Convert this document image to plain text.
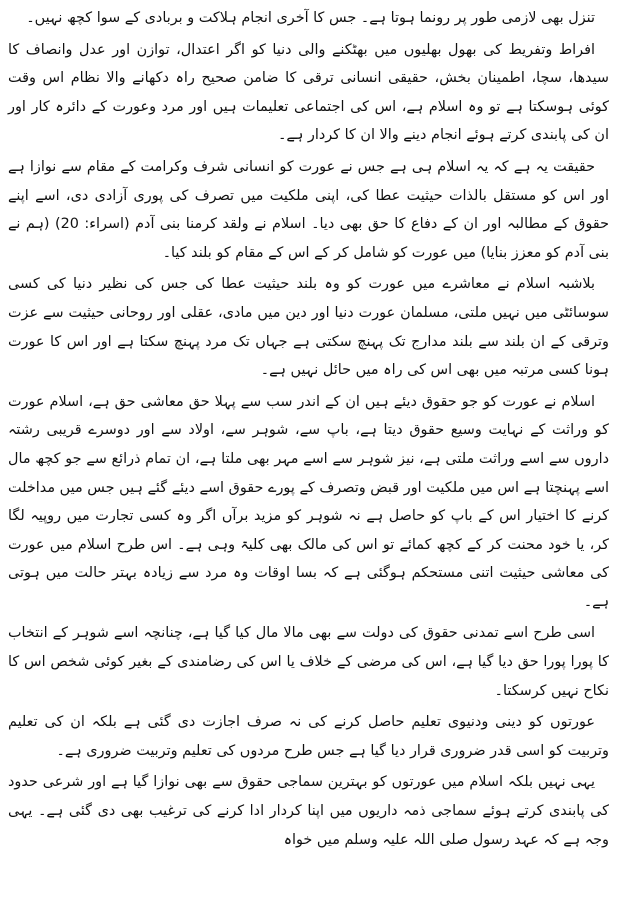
تنزل بھی لازمی طور پر رونما ہوتا ہے۔ جس کا آخری انجام ہلاکت و بربادی کے سوا کچھ نہیں۔

افراط وتفریط کی بھول بھلیوں میں بھٹکنے والی دنیا کو اگر اعتدال، توازن اور عدل وانصاف کا سیدھا، سچا، اطمینان بخش، حقیقی انسانی ترقی کا ضامن صحیح راہ دکھانے والا نظام اس وقت کوئی ہوسکتا ہے تو وہ اسلام ہے، اس کی اجتماعی تعلیمات ہیں اور مرد وعورت کے دائرہ کار اور ان کی پابندی کرتے ہوئے انجام دینے والا ان کا کردار ہے۔

حقیقت یہ ہے کہ یہ اسلام ہی ہے جس نے عورت کو انسانی شرف وکرامت کے مقام سے نوازا ہے اور اس کو مستقل بالذات حیثیت عطا کی، اپنی ملکیت میں تصرف کی پوری آزادی دی، اسے اپنے حقوق کے مطالبہ اور ان کے دفاع کا حق بھی دیا۔ اسلام نے ولقد کرمنا بنی آدم (اسراء: 20) (ہم نے بنی آدم کو معزز بنایا) میں عورت کو شامل کر کے اس کے مقام کو بلند کیا۔

بلاشبہ اسلام نے معاشرے میں عورت کو وہ بلند حیثیت عطا کی جس کی نظیر دنیا کی کسی سوسائٹی میں نہیں ملتی، مسلمان عورت دنیا اور دین میں مادی، عقلی اور روحانی حیثیت سے عزت وترقی کے ان بلند سے بلند مدارج تک پہنچ سکتی ہے جہاں تک مرد پہنچ سکتا ہے اور اس کا عورت ہونا کسی مرتبہ میں بھی اس کی راہ میں حائل نہیں ہے۔

اسلام نے عورت کو جو حقوق دیئے ہیں ان کے اندر سب سے پہلا حق معاشی حق ہے، اسلام عورت کو وراثت کے نہایت وسیع حقوق دیتا ہے، باپ سے، شوہر سے، اولاد سے اور دوسرے قریبی رشتہ داروں سے اسے وراثت ملتی ہے، نیز شوہر سے اسے مہر بھی ملتا ہے، ان تمام ذرائع سے جو کچھ مال اسے پہنچتا ہے اس میں ملکیت اور قبض وتصرف کے پورے حقوق اسے دیئے گئے ہیں جس میں مداخلت کرنے کا اختیار اس کے باپ کو حاصل ہے نہ شوہر کو مزید برآں اگر وہ کسی تجارت میں روپیہ لگا کر، یا خود محنت کر کے کچھ کمائے تو اس کی مالک بھی کلیۃ وہی ہے۔ اس طرح اسلام میں عورت کی معاشی حیثیت اتنی مستحکم ہوگئی ہے کہ بسا اوقات وہ مرد سے زیادہ بہتر حالت میں ہوتی ہے۔

اسی طرح اسے تمدنی حقوق کی دولت سے بھی مالا مال کیا گیا ہے، چنانچہ اسے شوہر کے انتخاب کا پورا پورا حق دیا گیا ہے، اس کی مرضی کے خلاف یا اس کی رضامندی کے بغیر کوئی شخص اس کا نکاح نہیں کرسکتا۔

عورتوں کو دینی ودنیوی تعلیم حاصل کرنے کی نہ صرف اجازت دی گئی ہے بلکہ ان کی تعلیم وتربیت کو اسی قدر ضروری قرار دیا گیا ہے جس طرح مردوں کی تعلیم وتربیت ضروری ہے۔

یہی نہیں بلکہ اسلام میں عورتوں کو بہترین سماجی حقوق سے بھی نوازا گیا ہے اور شرعی حدود کی پابندی کرتے ہوئے سماجی ذمہ داریوں میں اپنا کردار ادا کرنے کی ترغیب بھی دی گئی ہے۔ یہی وجہ ہے کہ عہد رسول صلی اللہ علیہ وسلم میں خواہ
